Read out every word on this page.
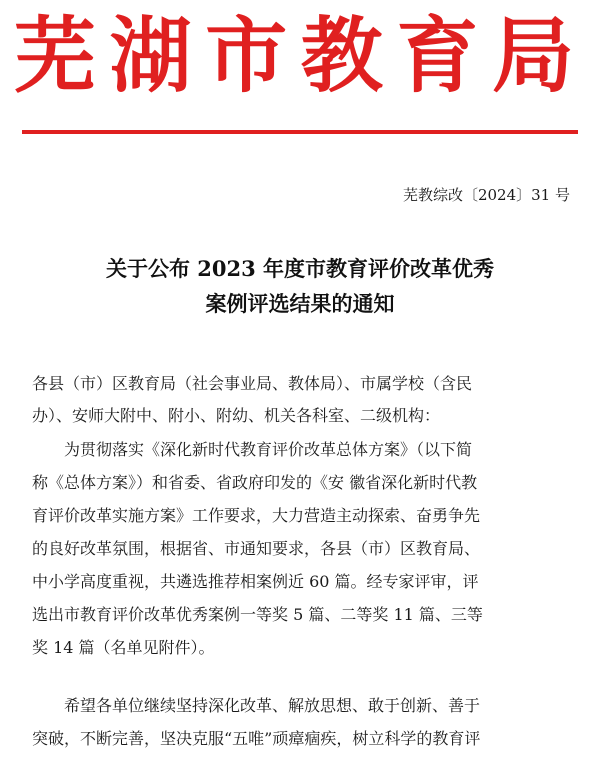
芜 湖 市 教 育 局
芜教综改〔2024〕31 号
关于公布 2023 年度市教育评价改革优秀
案例评选结果的通知
各县（市）区教育局（社会事业局、教体局）、市属学校（含民
办）、安师大附中、附小、附幼、机关各科室、二级机构：
为贯彻落实《深化新时代教育评价改革总体方案》（以下简
称《总体方案》）和省委、省政府印发的《安 徽省深化新时代教
育评价改革实施方案》工作要求，大力营造主动探索、奋勇争先
的良好改革氛围，根据省、市通知要求，各县（市）区教育局、
中小学高度重视，共遴选推荐相案例近 60 篇。经专家评审，评
选出市教育评价改革优秀案例一等奖 5 篇、二等奖 11 篇、三等
奖 14 篇（名单见附件）。
希望各单位继续坚持深化改革、解放思想、敢于创新、善于
突破，不断完善，坚决克服“五唯”顽瘴痼疾，树立科学的教育评
